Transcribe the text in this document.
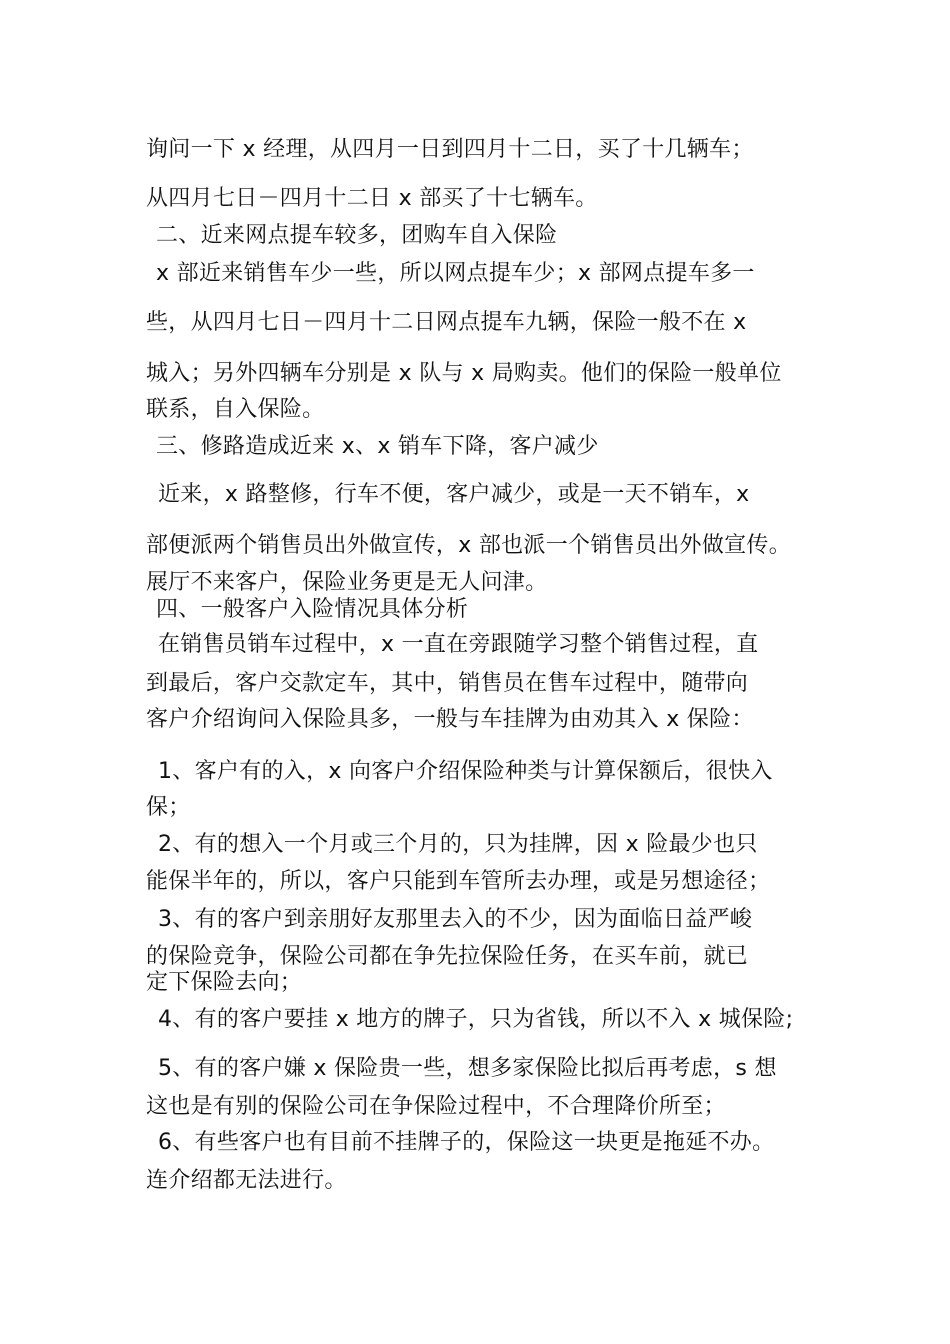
询问一下 x 经理，从四月一日到四月十二日，买了十几辆车；
从四月七日－四月十二日 x 部买了十七辆车。
二、近来网点提车较多，团购车自入保险
x 部近来销售车少一些，所以网点提车少；x 部网点提车多一
些，从四月七日－四月十二日网点提车九辆，保险一般不在 x
城入；另外四辆车分别是 x 队与 x 局购卖。他们的保险一般单位
联系，自入保险。
三、修路造成近来 x、x 销车下降，客户减少
近来，x 路整修，行车不便，客户减少，或是一天不销车，x
部便派两个销售员出外做宣传，x 部也派一个销售员出外做宣传。
展厅不来客户，保险业务更是无人问津。
四、一般客户入险情况具体分析
在销售员销车过程中，x 一直在旁跟随学习整个销售过程，直
到最后，客户交款定车，其中，销售员在售车过程中，随带向
客户介绍询问入保险具多，一般与车挂牌为由劝其入 x 保险：
1、客户有的入，x 向客户介绍保险种类与计算保额后，很快入
保；
2、有的想入一个月或三个月的，只为挂牌，因 x 险最少也只
能保半年的，所以，客户只能到车管所去办理，或是另想途径；
3、有的客户到亲朋好友那里去入的不少，因为面临日益严峻
的保险竞争，保险公司都在争先拉保险任务，在买车前，就已
定下保险去向；
4、有的客户要挂 x 地方的牌子，只为省钱，所以不入 x 城保险;
5、有的客户嫌 x 保险贵一些，想多家保险比拟后再考虑，s 想
这也是有别的保险公司在争保险过程中，不合理降价所至；
6、有些客户也有目前不挂牌子的，保险这一块更是拖延不办。
连介绍都无法进行。
